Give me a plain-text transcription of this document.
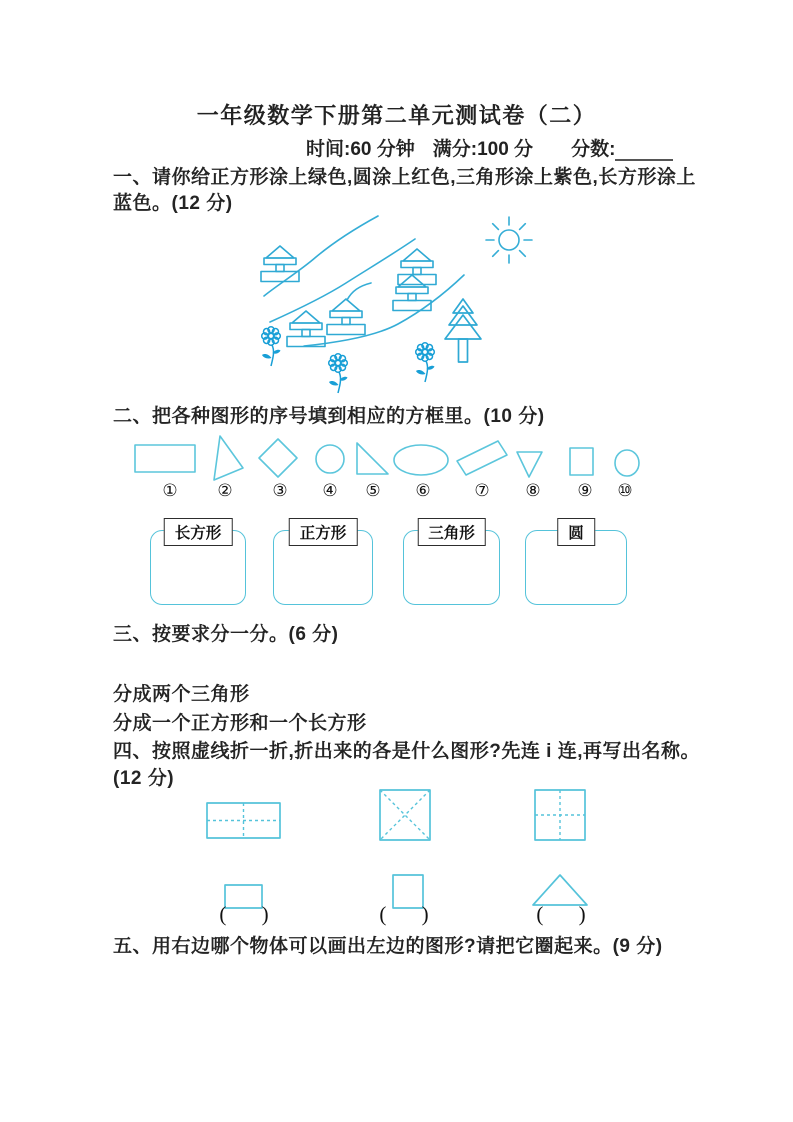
一年级数学下册第二单元测试卷（二）
时间:60 分钟 满分:100 分 分数:
一、请你给正方形涂上绿色,圆涂上红色,三角形涂上紫色,长方形涂上
蓝色。(12 分)
二、把各种图形的序号填到相应的方框里。(10 分)
① ② ③ ④ ⑤ ⑥	⑦ ⑧ ⑨ ⑩
长方形	正方形	三角形	圆
三、按要求分一分。(6 分)
分成两个三角形
分成一个正方形和一个长方形
四、按照虚线折一折,折出来的各是什么图形?先连 i 连,再写出名称。
(12 分)
( )	( )	( )
五、用右边哪个物体可以画出左边的图形?请把它圈起来。(9 分)
